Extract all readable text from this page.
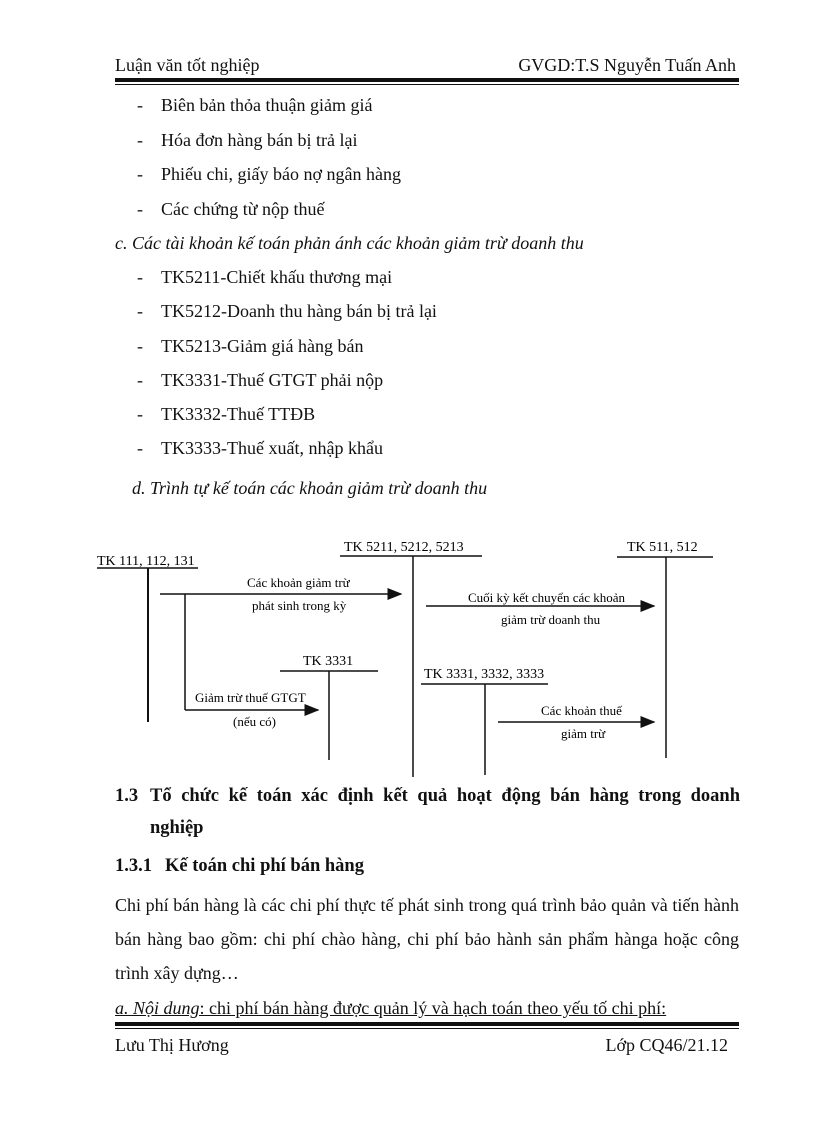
Luận văn tốt nghiệp	GVGD:T.S Nguyễn Tuấn Anh
- Biên bản thỏa thuận giảm giá
- Hóa đơn hàng bán bị trả lại
- Phiếu chi, giấy báo nợ ngân hàng
- Các chứng từ nộp thuế
c. Các tài khoản kế toán phản ánh các khoản giảm trừ doanh thu
- TK5211-Chiết khấu thương mại
- TK5212-Doanh thu hàng bán bị trả lại
- TK5213-Giảm giá hàng bán
- TK3331-Thuế GTGT phải nộp
- TK3332-Thuế TTĐB
- TK3333-Thuế xuất, nhập khẩu
d. Trình tự kế toán các khoản giảm trừ doanh thu
TK 111, 112, 131
TK 5211, 5212, 5213	TK 511, 512
TK 3331
TK 3331, 3332, 3333
Các khoản giảm trừ
phát sinh trong kỳ
Cuối kỳ kết chuyển các khoản
giảm trừ doanh thu
Giảm trừ thuế GTGT
(nếu có)
Các khoản thuế
giảm trừ
1.3 Tổ chức kế toán xác định kết quả hoạt động bán hàng trong doanh
nghiệp
1.3.1 Kế toán chi phí bán hàng
Chi phí bán hàng là các chi phí thực tế phát sinh trong quá trình bảo quản và tiến hành bán hàng bao gồm: chi phí chào hàng, chi phí bảo hành sản phẩm hànga hoặc công trình xây dựng…
a. Nội dung: chi phí bán hàng được quản lý và hạch toán theo yếu tố chi phí:
Lưu Thị Hương	Lớp CQ46/21.12
